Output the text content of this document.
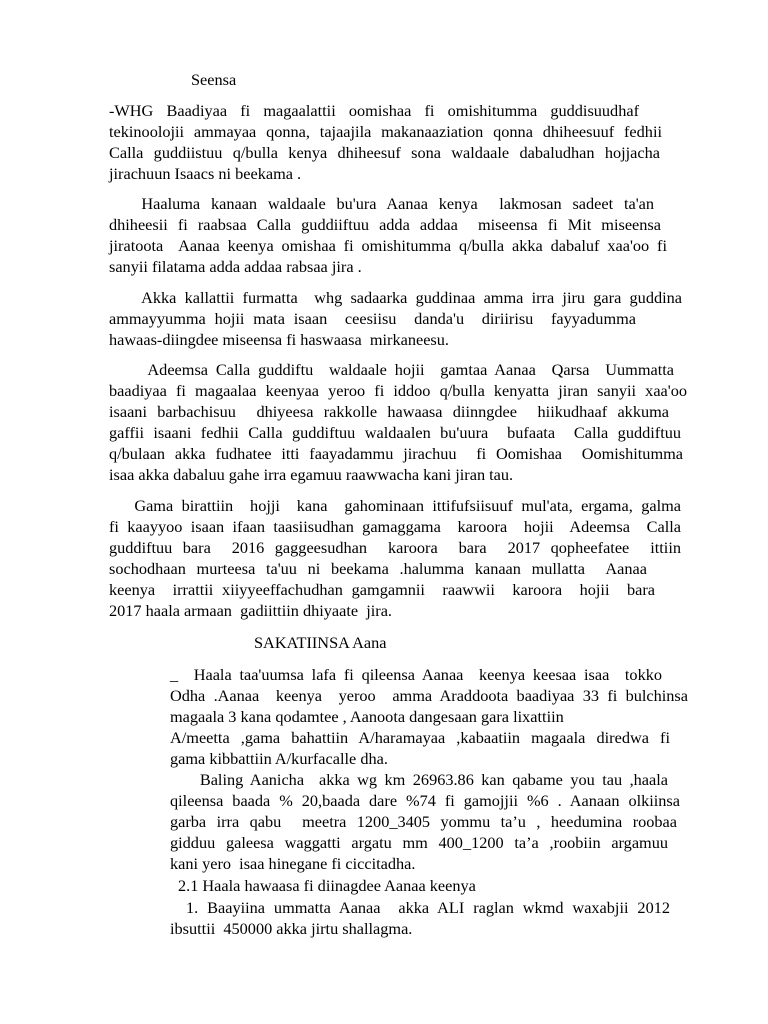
Seensa
-WHG Baadiyaa fi magaalattii oomishaa fi omishitumma guddisuudhaf
tekinoolojii ammayaa qonna, tajaajila makanaaziation qonna dhiheesuuf fedhii
Calla guddiistuu q/bulla kenya dhiheesuf sona waldaale dabaludhan hojjacha
jirachuun Isaacs ni beekama .
Haaluma kanaan waldaale bu'ura Aanaa kenya  lakmosan sadeet ta'an
dhiheesii fi raabsaa Calla guddiiftuu adda addaa  miseensa fi Mit miseensa
jiratoota  Aanaa keenya omishaa fi omishitumma q/bulla akka dabaluf xaa'oo fi
sanyii filatama adda addaa rabsaa jira .
Akka kallattii furmatta  whg sadaarka guddinaa amma irra jiru gara guddina
ammayyumma hojii mata isaan  ceesiisu  danda'u  diriirisu  fayyadumma
hawaas-diingdee miseensa fi haswaasa  mirkaneesu.
Adeemsa Calla guddiftu  waldaale hojii  gamtaa Aanaa  Qarsa  Uummatta
baadiyaa fi magaalaa keenyaa yeroo fi iddoo q/bulla kenyatta jiran sanyii xaa'oo
isaani barbachisuu  dhiyeesa rakkolle hawaasa diinngdee  hiikudhaaf akkuma
gaffii isaani fedhii Calla guddiftuu waldaalen bu'uura  bufaata  Calla guddiftuu
q/bulaan akka fudhatee itti faayadammu jirachuu  fi Oomishaa  Oomishitumma
isaa akka dabaluu gahe irra egamuu raawwacha kani jiran tau.
Gama birattiin  hojji  kana  gahominaan ittifufsiisuuf mul'ata, ergama, galma
fi kaayyoo isaan ifaan taasiisudhan gamaggama  karoora  hojii  Adeemsa  Calla
guddiftuu bara  2016 gaggeesudhan  karoora  bara  2017 qopheefatee  ittiin
sochodhaan murteesa ta'uu ni beekama .halumma kanaan mullatta  Aanaa
keenya  irrattii xiiyyeeffachudhan gamgamnii  raawwii  karoora  hojii  bara
2017 haala armaan  gadiittiin dhiyaate  jira.
SAKATIINSA Aana
_  Haala taa'uumsa lafa fi qileensa Aanaa  keenya keesaa isaa  tokko
Odha .Aanaa  keenya  yeroo  amma Araddoota baadiyaa 33 fi bulchinsa
magaala 3 kana qodamtee , Aanoota dangesaan gara lixattiin
A/meetta ,gama bahattiin A/haramayaa ,kabaatiin magaala diredwa fi
gama kibbattiin A/kurfacalle dha.
Baling Aanicha  akka wg km 26963.86 kan qabame you tau ,haala
qileensa baada % 20,baada dare %74 fi gamojjii %6 . Aanaan olkiinsa
garba irra qabu  meetra 1200_3405 yommu ta’u , heedumina roobaa
gidduu galeesa waggatti argatu mm 400_1200 ta’a ,roobiin argamuu
kani yero  isaa hinegane fi ciccitadha.
2.1 Haala hawaasa fi diinagdee Aanaa keenya
1. Baayiina ummatta Aanaa  akka ALI raglan wkmd waxabjii 2012
ibsuttii  450000 akka jirtu shallagma.
